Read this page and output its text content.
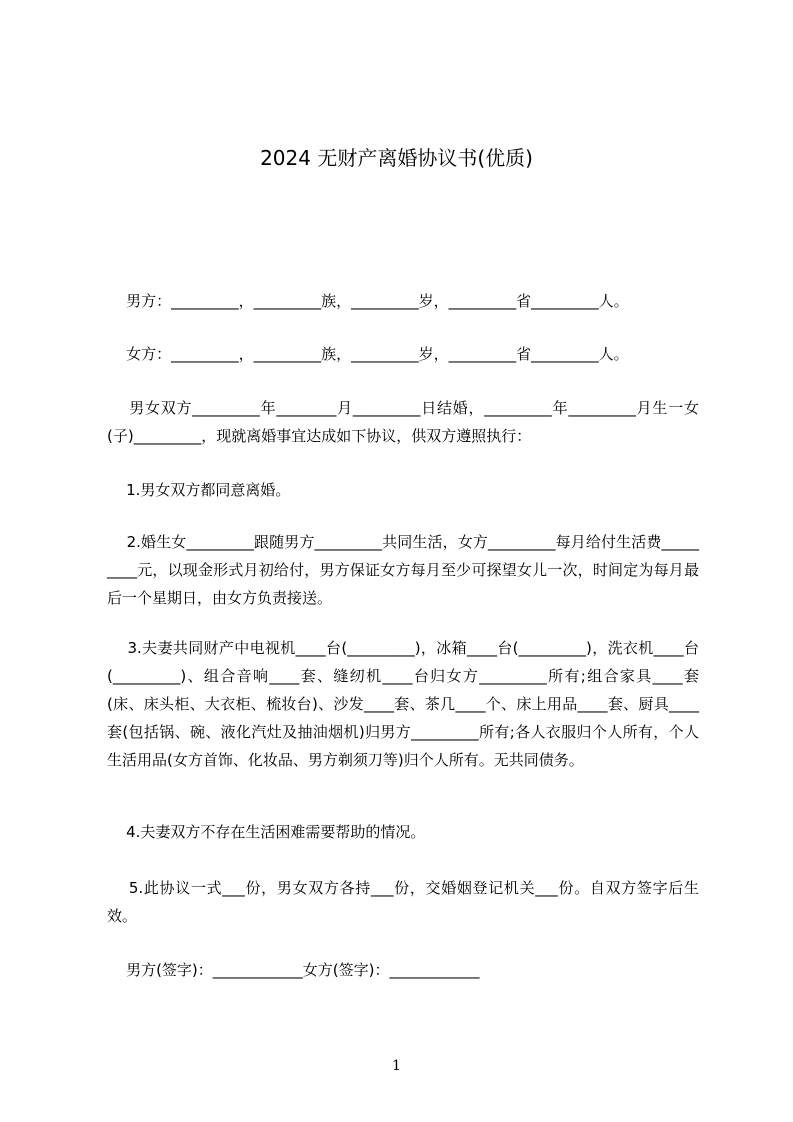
2024 无财产离婚协议书(优质)

男方：_________，_________族，_________岁，_________省_________人。

女方：_________，_________族，_________岁，_________省_________人。

男女双方_________年________月_________日结婚，_________年_________月生一女(子)_________，现就离婚事宜达成如下协议，供双方遵照执行：

1.男女双方都同意离婚。

2.婚生女_________跟随男方_________共同生活，女方_________每月给付生活费_________元，以现金形式月初给付，男方保证女方每月至少可探望女儿一次，时间定为每月最后一个星期日，由女方负责接送。

3.夫妻共同财产中电视机____台(_________)，冰箱____台(_________)，洗衣机____台(_________)、组合音响____套、缝纫机____台归女方_________所有;组合家具____套(床、床头柜、大衣柜、梳妆台)、沙发____套、茶几____个、床上用品____套、厨具____套(包括锅、碗、液化汽灶及抽油烟机)归男方_________所有;各人衣服归个人所有，个人生活用品(女方首饰、化妆品、男方剃须刀等)归个人所有。无共同债务。

4.夫妻双方不存在生活困难需要帮助的情况。

5.此协议一式___份，男女双方各持___份，交婚姻登记机关___份。自双方签字后生效。

男方(签字)：____________女方(签字)：____________

1
